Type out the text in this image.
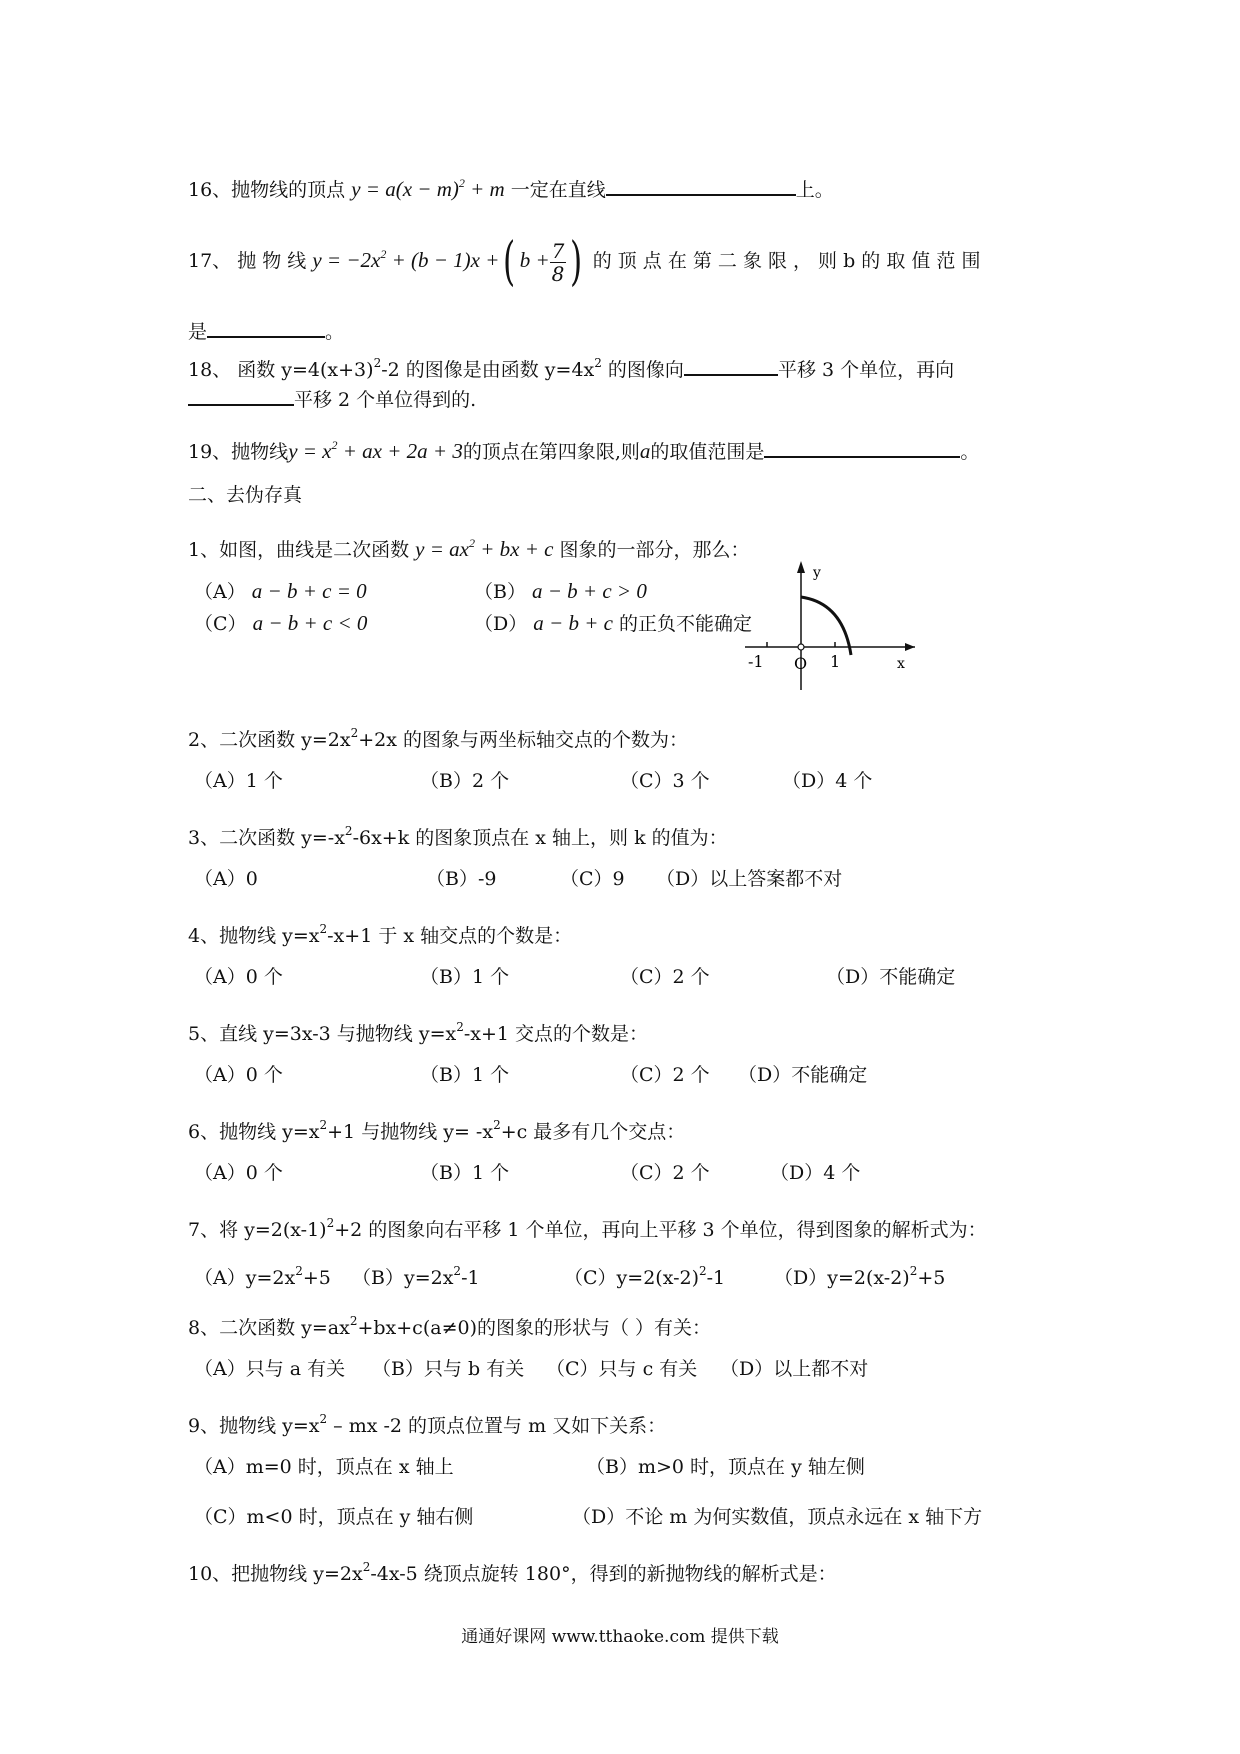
16、抛物线的顶点 $y = a(x - m)^2 + m$ 一定在直线	上。
17、 抛 物 线 $y = -2x^2 + (b - 1)x$ +( $b + \frac{7}{8}$ ) 的 顶 点 在 第 二 象 限 ， 则 b 的 取 值 范 围
是	。
18、 函数 $y=4(x+3)^2-2$ 的图像是由函数 $y=4x^2$ 的图像向	平移 3 个单位，再向
平移 2 个单位得到的.
19、抛物线$y = x^2$ + ax + 2a + 3的顶点在第四象限,则a的取值范围是	。
二、去伪存真
1、如图，曲线是二次函数 $y = ax^2$ + bx + c 图象的一部分，那么：
（A） a − b + c = 0	（B） a − b + c > 0
（C） a − b + c < 0	（D） a − b + c 的正负不能确定
y
x
O
-1	1
2、二次函数 $y=2x^2+2x$ 的图象与两坐标轴交点的个数为：
（A）1 个	（B）2 个	（C）3 个	（D）4 个
3、二次函数 $y=-x^2-6x+k$ 的图象顶点在 x 轴上，则 k 的值为：
（A）0	（B）-9	（C）9 （D）以上答案都不对
4、抛物线 $y=x^2-x+1$ 于 x 轴交点的个数是：
（A）0 个	（B）1 个	（C）2 个	（D）不能确定
5、直线 y=3x-3 与抛物线 $y=x^2-x+1$ 交点的个数是：
（A）0 个	（B）1 个	（C）2 个 （D）不能确定
6、抛物线 $y=x^2+1$ 与抛物线 $y= -x^2+c$ 最多有几个交点：
（A）0 个	（B）1 个	（C）2 个	（D）4 个
7、将 $y=2(x-1)^2+2$ 的图象向右平移 1 个单位，再向上平移 3 个单位，得到图象的解析式为：
$(A)y=2x^2+5$ $(B)y=2x^2-1$	$(C)y=2(x-2)^2-1$	$(D)y=2(x-2)^2+5$
8、二次函数 $y=ax^2+bx+c(a\ne 0)$的图象的形状与（ ）有关：
（A）只与 a 有关 （B）只与 b 有关 （C）只与 c 有关 （D）以上都不对
9、抛物线 $y=x^2$ – mx -2 的顶点位置与 m 又如下关系：
（A）m=0 时，顶点在 x 轴上	（B）m>0 时，顶点在 y 轴左侧
（C）m<0 时，顶点在 y 轴右侧	（D）不论 m 为何实数值，顶点永远在 x 轴下方
10、把抛物线 $y=2x^2-4x-5$ 绕顶点旋转 180°，得到的新抛物线的解析式是：
通通好课网 www.tthaoke.com 提供下载
